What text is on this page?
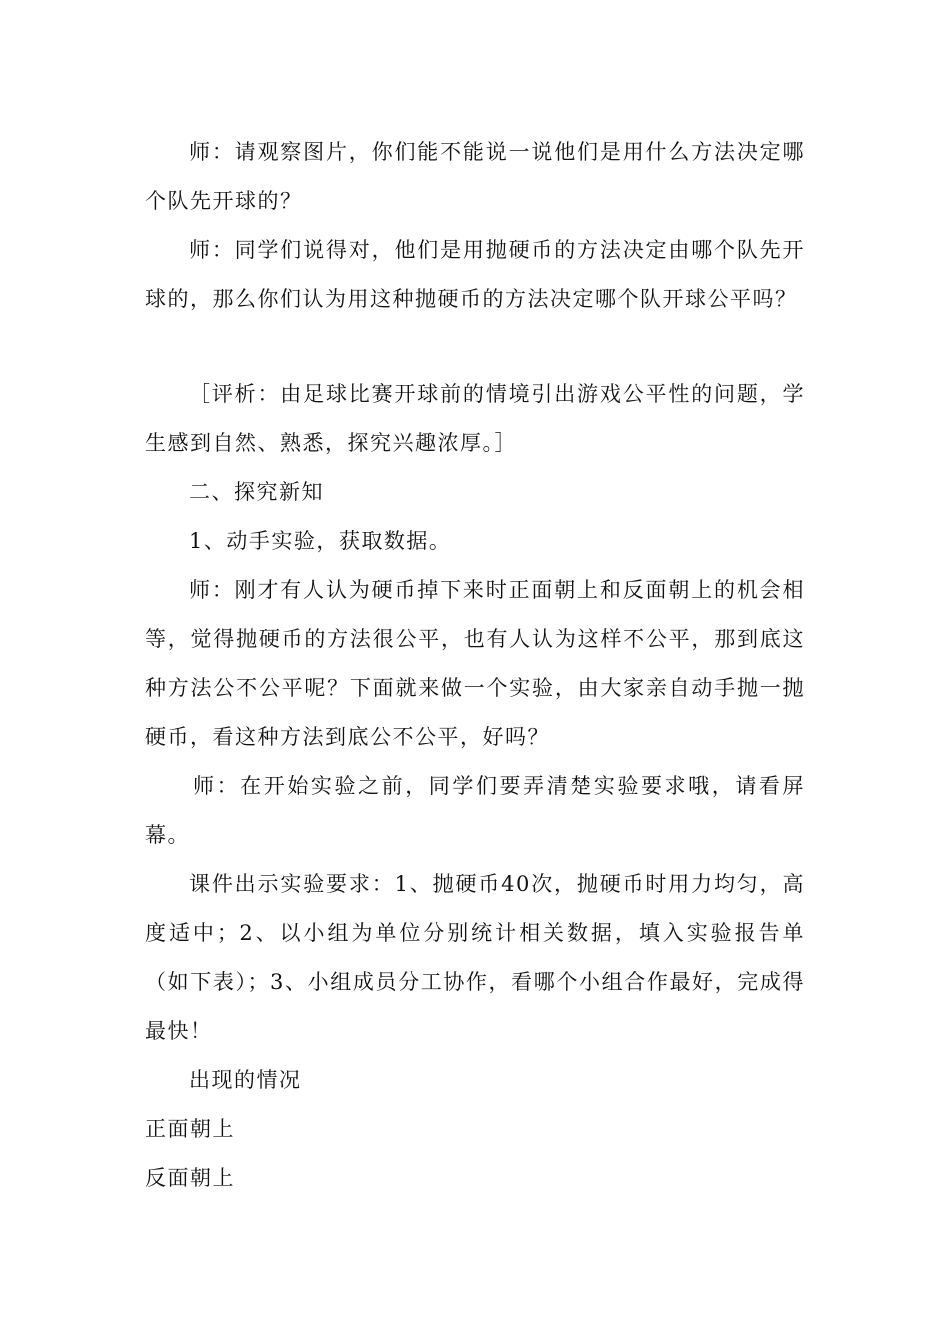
师：请观察图片，你们能不能说一说他们是用什么方法决定哪个队先开球的？

师：同学们说得对，他们是用抛硬币的方法决定由哪个队先开球的，那么你们认为用这种抛硬币的方法决定哪个队开球公平吗？

［评析：由足球比赛开球前的情境引出游戏公平性的问题，学生感到自然、熟悉，探究兴趣浓厚。］

二、探究新知

1、动手实验，获取数据。

师：刚才有人认为硬币掉下来时正面朝上和反面朝上的机会相等，觉得抛硬币的方法很公平，也有人认为这样不公平，那到底这种方法公不公平呢？下面就来做一个实验，由大家亲自动手抛一抛硬币，看这种方法到底公不公平，好吗？

师：在开始实验之前，同学们要弄清楚实验要求哦，请看屏幕。

课件出示实验要求：1、抛硬币40次，抛硬币时用力均匀，高度适中；2、以小组为单位分别统计相关数据，填入实验报告单（如下表）；3、小组成员分工协作，看哪个小组合作最好，完成得最快！

出现的情况

正面朝上

反面朝上
